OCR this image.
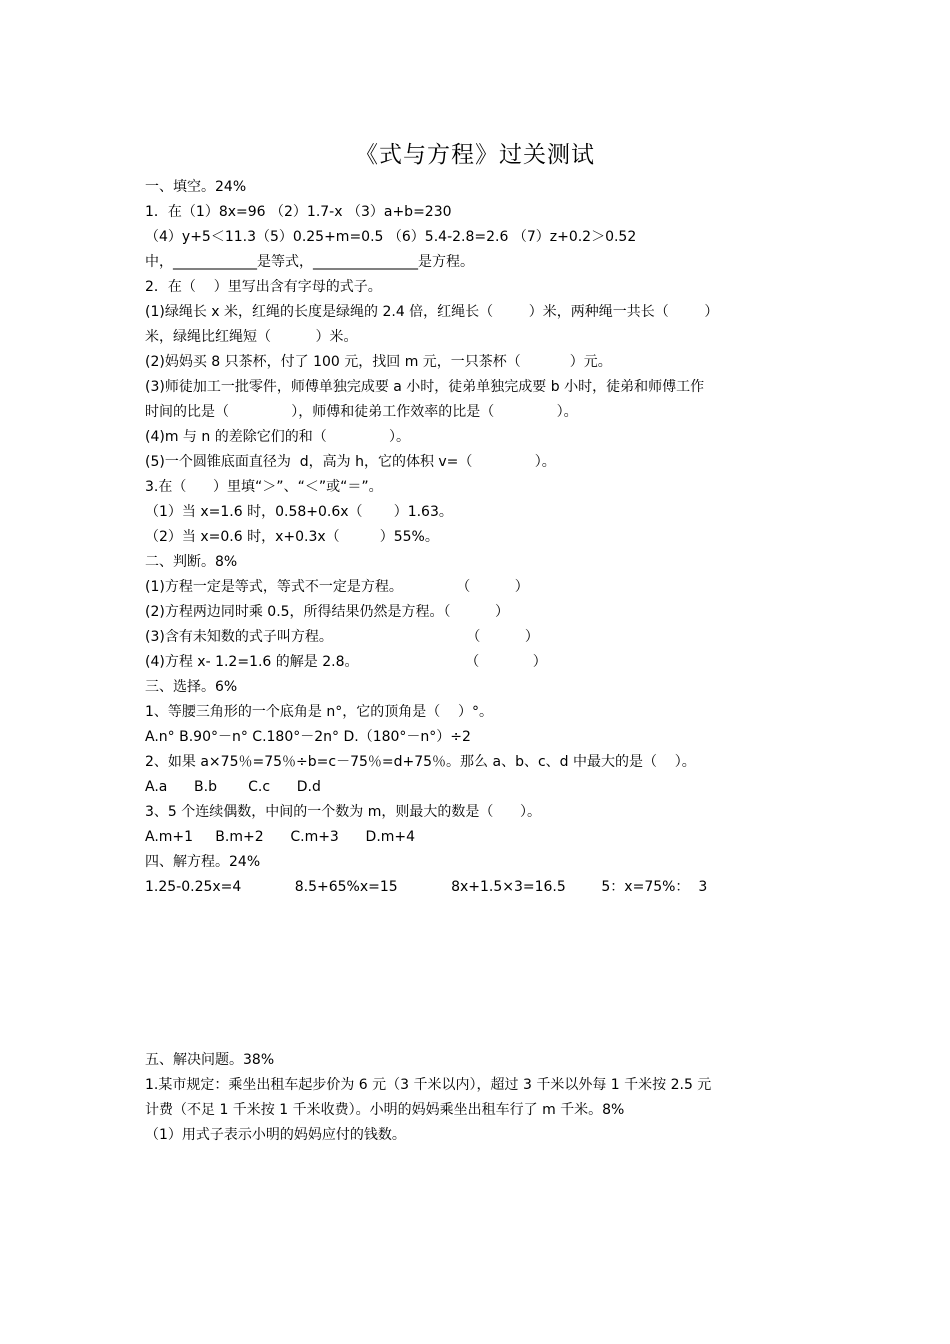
《式与方程》过关测试
一、填空。24%
1．在（1）8x=96 （2）1.7-x （3）a+b=230
（4）y+5＜11.3（5）0.25+m=0.5 （6）5.4-2.8=2.6 （7）z+0.2＞0.52
中，____________是等式，_______________是方程。
2．在（    ）里写出含有字母的式子。
(1)绿绳长 x 米，红绳的长度是绿绳的 2.4 倍，红绳长（        ）米，两种绳一共长（        ）
米，绿绳比红绳短（          ）米。
(2)妈妈买 8 只茶杯，付了 100 元，找回 m 元，一只茶杯（           ）元。
(3)师徒加工一批零件，师傅单独完成要 a 小时，徒弟单独完成要 b 小时，徒弟和师傅工作
时间的比是（              ），师傅和徒弟工作效率的比是（              ）。
(4)m 与 n 的差除它们的和（              ）。
(5)一个圆锥底面直径为  d，高为 h，它的体积 v=（              ）。
3.在（      ）里填“＞”、“＜”或“＝”。
（1）当 x=1.6 时，0.58+0.6x（       ）1.63。
（2）当 x=0.6 时，x+0.3x（         ）55%。
二、判断。8%
(1)方程一定是等式，等式不一定是方程。            （          ）
(2)方程两边同时乘 0.5，所得结果仍然是方程。（          ）
(3)含有未知数的式子叫方程。                              （          ）
(4)方程 x- 1.2=1.6 的解是 2.8。                        （            ）
三、选择。6%
1、等腰三角形的一个底角是 n°，它的顶角是（    ）°。
A.n° B.90°－n° C.180°－2n° D.（180°－n°）÷2
2、如果 a×75％=75％÷b=c－75％=d+75％。那么 a、b、c、d 中最大的是（    ）。
A.a      B.b       C.c      D.d
3、5 个连续偶数，中间的一个数为 m，则最大的数是（      ）。
A.m+1     B.m+2      C.m+3      D.m+4
四、解方程。24%
1.25-0.25x=4            8.5+65%x=15            8x+1.5×3=16.5        5：x=75%：  3
五、解决问题。38%
1.某市规定：乘坐出租车起步价为 6 元（3 千米以内），超过 3 千米以外每 1 千米按 2.5 元
计费（不足 1 千米按 1 千米收费）。小明的妈妈乘坐出租车行了 m 千米。8%
（1）用式子表示小明的妈妈应付的钱数。
